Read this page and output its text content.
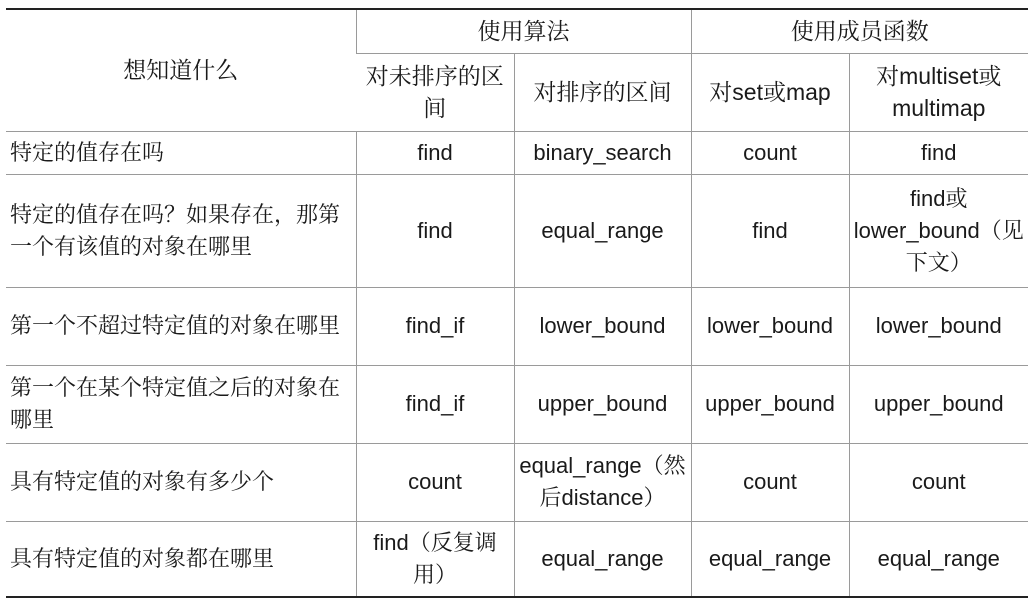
想知道什么	使用算法		使用成员函数	
	对未排序的区间	对排序的区间	对set或map	对multiset或multimap
特定的值存在吗	find	binary_search	count	find
特定的值存在吗？如果存在，那第一个有该值的对象在哪里	find	equal_range	find	find或lower_bound（见下文）
第一个不超过特定值的对象在哪里	find_if	lower_bound	lower_bound	lower_bound
第一个在某个特定值之后的对象在哪里	find_if	upper_bound	upper_bound	upper_bound
具有特定值的对象有多少个	count	equal_range（然后distance）	count	count
具有特定值的对象都在哪里	find（反复调用）	equal_range	equal_range	equal_range
